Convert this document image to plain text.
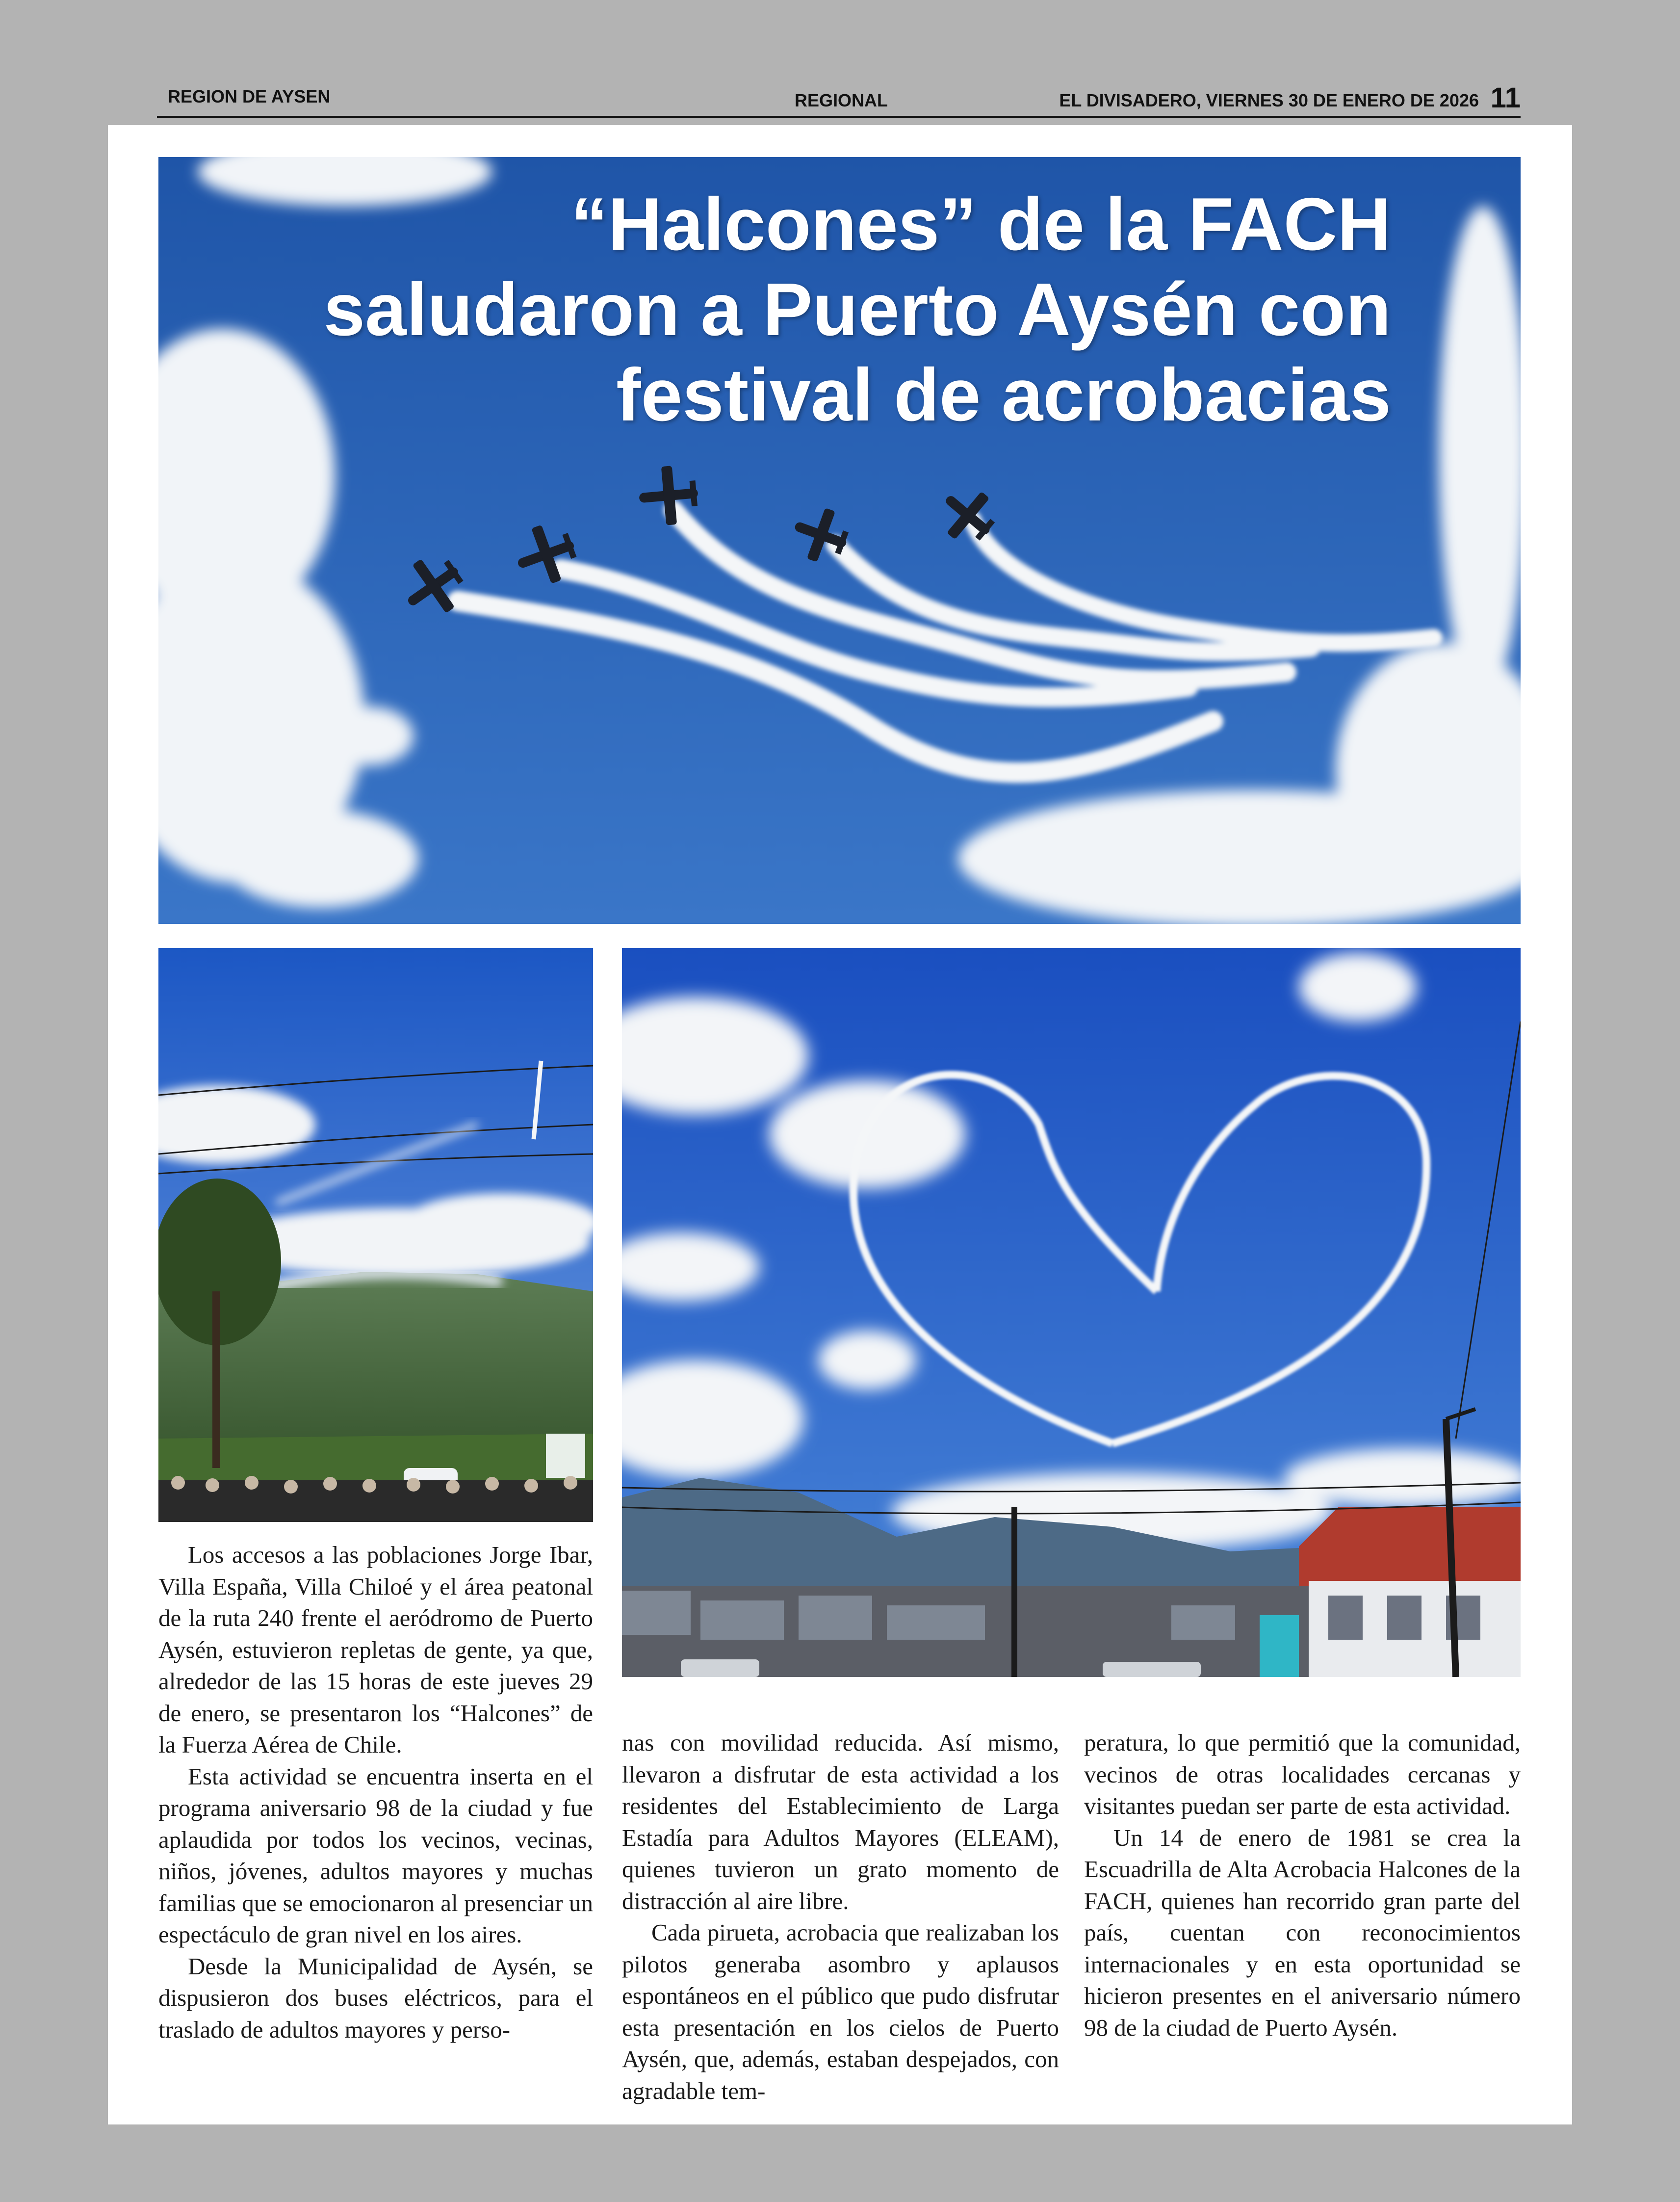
REGION DE AYSEN	REGIONAL	EL DIVISADERO, VIERNES 30 DE ENERO DE 2026 11
“Halcones” de la FACH
saludaron a Puerto Aysén con
festival de acrobacias

Los accesos a las poblaciones Jorge Ibar, Villa España, Villa Chiloé y el área peatonal de la ruta 240 frente el aeródromo de Puerto Aysén, estuvieron repletas de gente, ya que, alrededor de las 15 horas de este jueves 29 de enero, se presentaron los “Halcones” de la Fuerza Aérea de Chile.

Esta actividad se encuentra inserta en el programa aniversario 98 de la ciudad y fue aplaudida por todos los vecinos, vecinas, niños, jóvenes, adultos mayores y muchas familias que se emocionaron al presenciar un espectáculo de gran nivel en los aires.

Desde la Municipalidad de Aysén, se dispusieron dos buses eléctricos, para el traslado de adultos mayores y perso-

nas con movilidad reducida. Así mismo, llevaron a disfrutar de esta actividad a los residentes del Establecimiento de Larga Estadía para Adultos Mayores (ELEAM), quienes tuvieron un grato momento de distracción al aire libre.

Cada pirueta, acrobacia que realizaban los pilotos generaba asombro y aplausos espontáneos en el público que pudo disfrutar esta presentación en los cielos de Puerto Aysén, que, además, estaban despejados, con agradable tem-

peratura, lo que permitió que la comunidad, vecinos de otras localidades cercanas y visitantes puedan ser parte de esta actividad.

Un 14 de enero de 1981 se crea la Escuadrilla de Alta Acrobacia Halcones de la FACH, quienes han recorrido gran parte del país, cuentan con reconocimientos internacionales y en esta oportunidad se hicieron presentes en el aniversario número 98 de la ciudad de Puerto Aysén.
